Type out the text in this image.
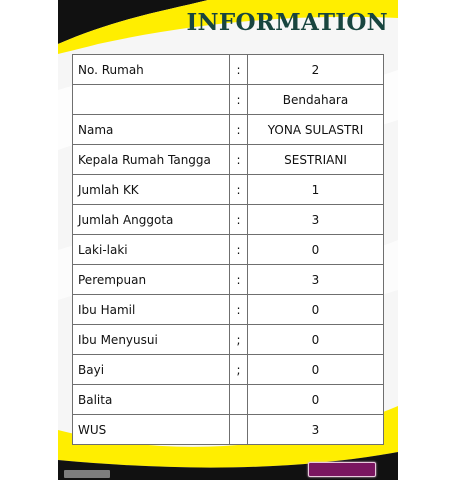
INFORMATION
No. Rumah	:	2
	:	Bendahara
Nama	:	YONA SULASTRI
Kepala Rumah Tangga	:	SESTRIANI
Jumlah KK	:	1
Jumlah Anggota	:	3
Laki-laki	:	0
Perempuan	:	3
Ibu Hamil	:	0
Ibu Menyusui	;	0
Bayi	;	0
Balita		0
WUS		3
